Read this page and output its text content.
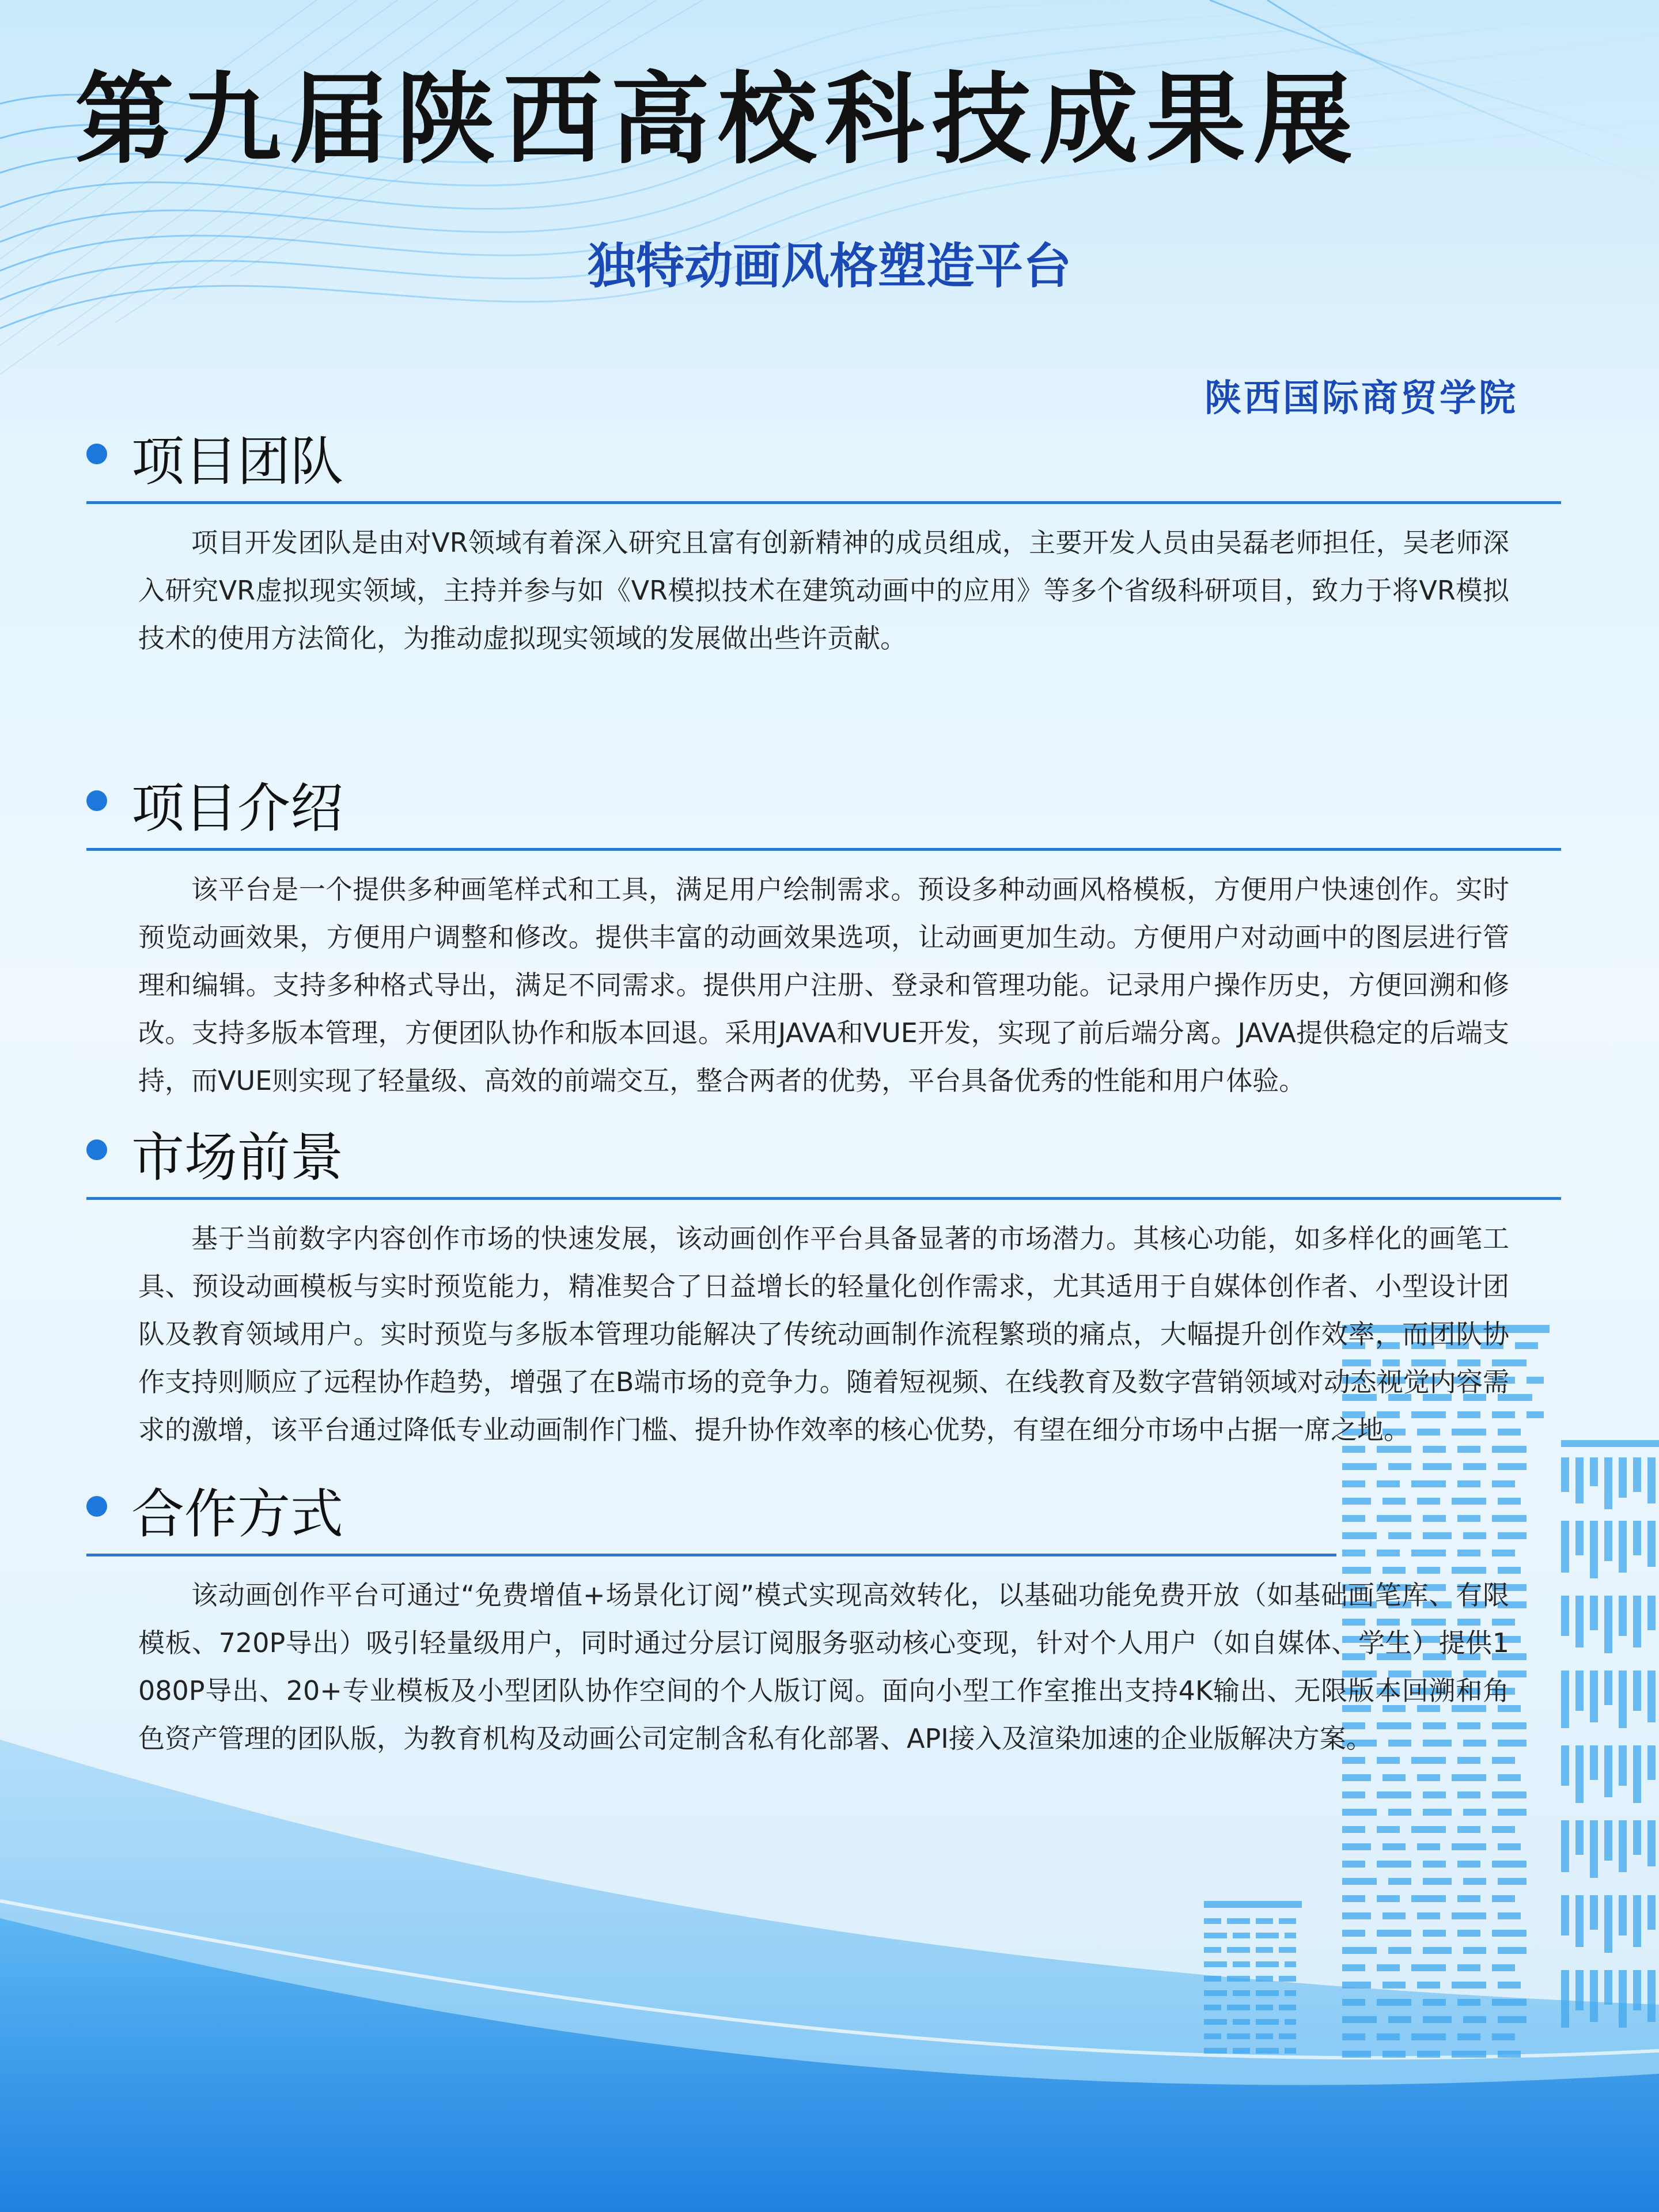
第九届陕西高校科技成果展
独特动画风格塑造平台

陕西国际商贸学院

项目团队

项目开发团队是由对VR领域有着深入研究且富有创新精神的成员组成，主要开发人员由吴磊老师担任，吴老师深入研究VR虚拟现实领域，主持并参与如《VR模拟技术在建筑动画中的应用》等多个省级科研项目，致力于将VR模拟技术的使用方法简化，为推动虚拟现实领域的发展做出些许贡献。

项目介绍

该平台是一个提供多种画笔样式和工具，满足用户绘制需求。预设多种动画风格模板，方便用户快速创作。实时预览动画效果，方便用户调整和修改。提供丰富的动画效果选项，让动画更加生动。方便用户对动画中的图层进行管理和编辑。支持多种格式导出，满足不同需求。提供用户注册、登录和管理功能。记录用户操作历史，方便回溯和修改。支持多版本管理，方便团队协作和版本回退。采用JAVA和VUE开发，实现了前后端分离。JAVA提供稳定的后端支持，而VUE则实现了轻量级、高效的前端交互，整合两者的优势，平台具备优秀的性能和用户体验。

市场前景

基于当前数字内容创作市场的快速发展，该动画创作平台具备显著的市场潜力。其核心功能，如多样化的画笔工具、预设动画模板与实时预览能力，精准契合了日益增长的轻量化创作需求，尤其适用于自媒体创作者、小型设计团队及教育领域用户。实时预览与多版本管理功能解决了传统动画制作流程繁琐的痛点，大幅提升创作效率，而团队协作支持则顺应了远程协作趋势，增强了在B端市场的竞争力。随着短视频、在线教育及数字营销领域对动态视觉内容需求的激增，该平台通过降低专业动画制作门槛、提升协作效率的核心优势，有望在细分市场中占据一席之地。

合作方式

该动画创作平台可通过“免费增值+场景化订阅”模式实现高效转化，以基础功能免费开放（如基础画笔库、有限模板、720P导出）吸引轻量级用户，同时通过分层订阅服务驱动核心变现，针对个人用户（如自媒体、学生）提供1080P导出、20+专业模板及小型团队协作空间的个人版订阅。面向小型工作室推出支持4K输出、无限版本回溯和角色资产管理的团队版，为教育机构及动画公司定制含私有化部署、API接入及渲染加速的企业版解决方案。
